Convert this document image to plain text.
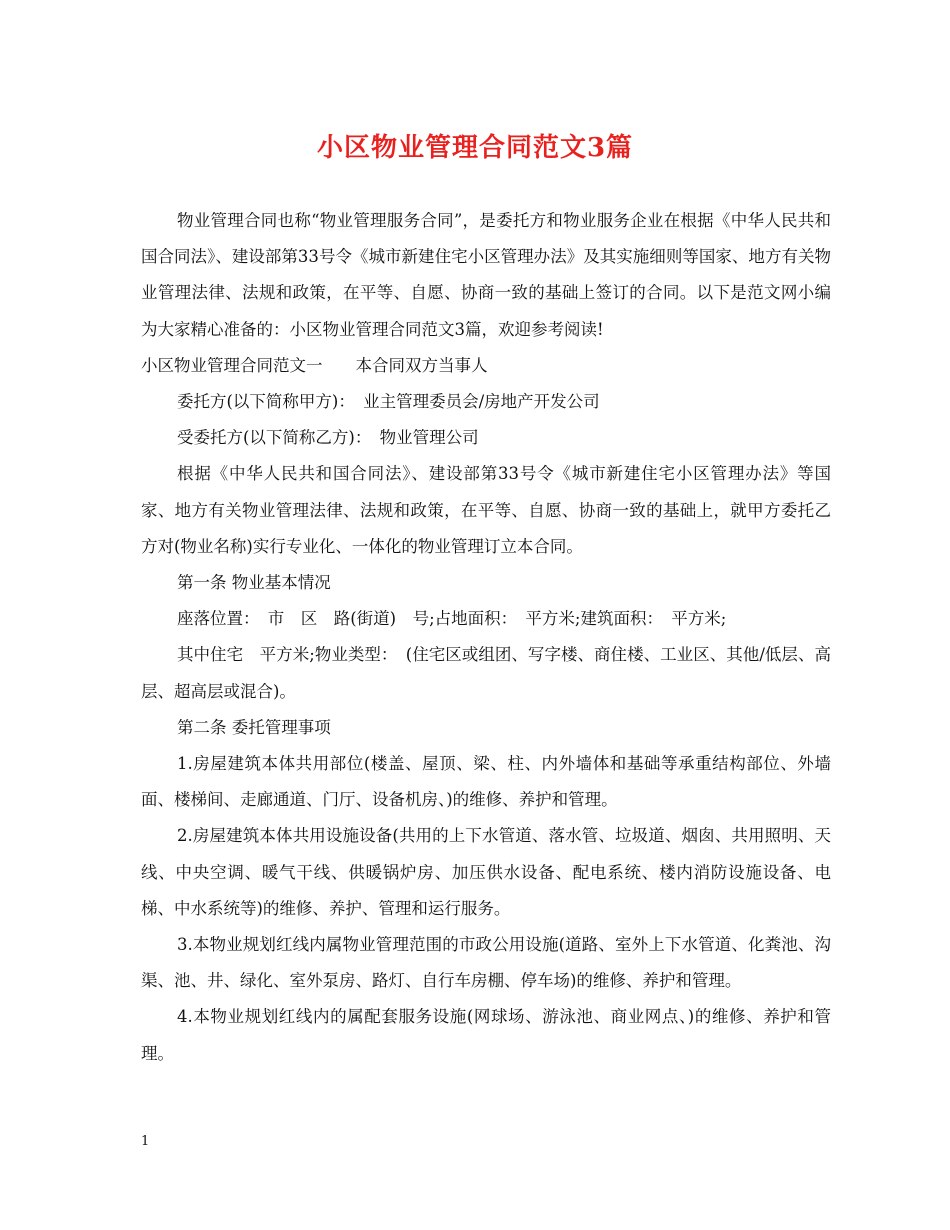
小区物业管理合同范文3篇

物业管理合同也称“物业管理服务合同”，是委托方和物业服务企业在根据《中华人民共和国合同法》、建设部第33号令《城市新建住宅小区管理办法》及其实施细则等国家、地方有关物业管理法律、法规和政策，在平等、自愿、协商一致的基础上签订的合同。以下是范文网小编为大家精心准备的：小区物业管理合同范文3篇，欢迎参考阅读!

小区物业管理合同范文一　　本合同双方当事人

委托方(以下简称甲方)：　业主管理委员会/房地产开发公司

受委托方(以下简称乙方)：　物业管理公司

根据《中华人民共和国合同法》、建设部第33号令《城市新建住宅小区管理办法》等国家、地方有关物业管理法律、法规和政策，在平等、自愿、协商一致的基础上，就甲方委托乙方对(物业名称)实行专业化、一体化的物业管理订立本合同。

第一条 物业基本情况

座落位置：　市　区　路(街道)　号;占地面积：　平方米;建筑面积：　平方米;

其中住宅　平方米;物业类型：　(住宅区或组团、写字楼、商住楼、工业区、其他/低层、高层、超高层或混合)。

第二条 委托管理事项

1.房屋建筑本体共用部位(楼盖、屋顶、梁、柱、内外墙体和基础等承重结构部位、外墙面、楼梯间、走廊通道、门厅、设备机房、)的维修、养护和管理。

2.房屋建筑本体共用设施设备(共用的上下水管道、落水管、垃圾道、烟囱、共用照明、天线、中央空调、暖气干线、供暖锅炉房、加压供水设备、配电系统、楼内消防设施设备、电梯、中水系统等)的维修、养护、管理和运行服务。

3.本物业规划红线内属物业管理范围的市政公用设施(道路、室外上下水管道、化粪池、沟渠、池、井、绿化、室外泵房、路灯、自行车房棚、停车场)的维修、养护和管理。

4.本物业规划红线内的属配套服务设施(网球场、游泳池、商业网点、)的维修、养护和管理。

1
